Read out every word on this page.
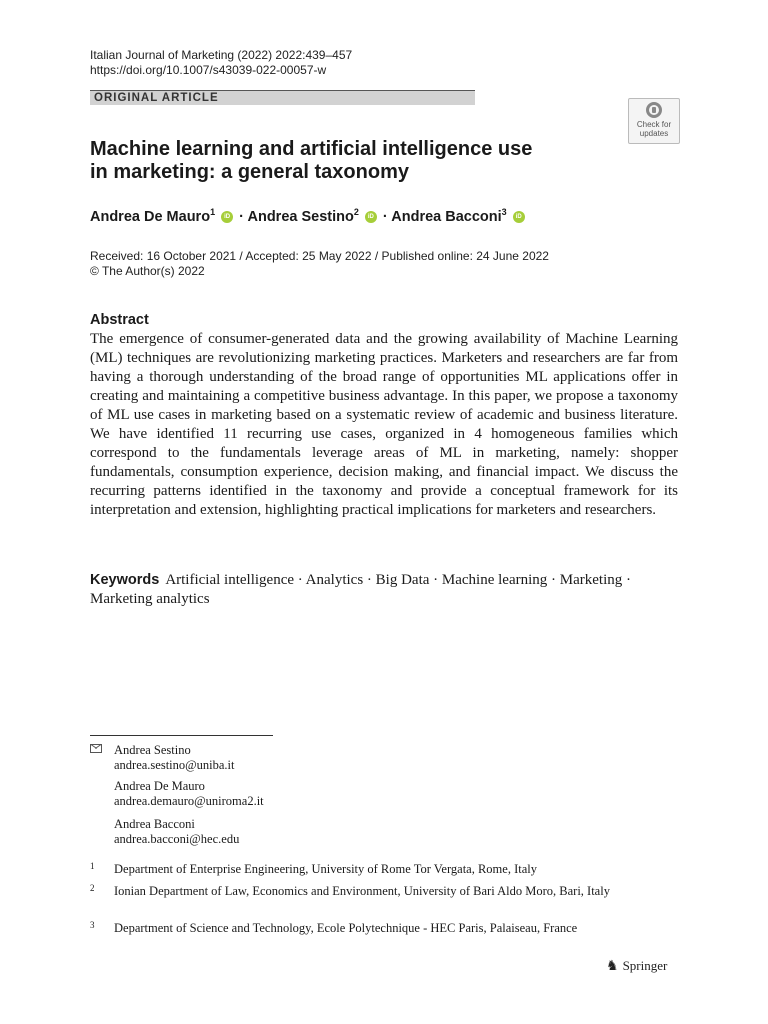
Italian Journal of Marketing (2022) 2022:439–457
https://doi.org/10.1007/s43039-022-00057-w
ORIGINAL ARTICLE
Check for
updates
Machine learning and artificial intelligence use
in marketing: a general taxonomy
Andrea De Mauro$^1$ iD · Andrea Sestino$^2$ iD · Andrea Bacconi$^3$ iD
Received: 16 October 2021 / Accepted: 25 May 2022 / Published online: 24 June 2022
© The Author(s) 2022
Abstract
The emergence of consumer-generated data and the growing availability of Machine Learning (ML) techniques are revolutionizing marketing practices. Marketers and researchers are far from having a thorough understanding of the broad range of opportunities ML applications offer in creating and maintaining a competitive business advantage. In this paper, we propose a taxonomy of ML use cases in marketing based on a systematic review of academic and business literature. We have identified 11 recurring use cases, organized in 4 homogeneous families which correspond to the fundamentals leverage areas of ML in marketing, namely: shopper fundamentals, consumption experience, decision making, and financial impact. We discuss the recurring patterns identified in the taxonomy and provide a conceptual framework for its interpretation and extension, highlighting practical implications for marketers and researchers.
Keywords Artificial intelligence · Analytics · Big Data · Machine learning · Marketing · Marketing analytics
Andrea Sestino
andrea.sestino@uniba.it
Andrea De Mauro
andrea.demauro@uniroma2.it
Andrea Bacconi
andrea.bacconi@hec.edu
1 Department of Enterprise Engineering, University of Rome Tor Vergata, Rome, Italy
2 Ionian Department of Law, Economics and Environment, University of Bari Aldo Moro, Bari, Italy
3 Department of Science and Technology, Ecole Polytechnique - HEC Paris, Palaiseau, France
♞ Springer
